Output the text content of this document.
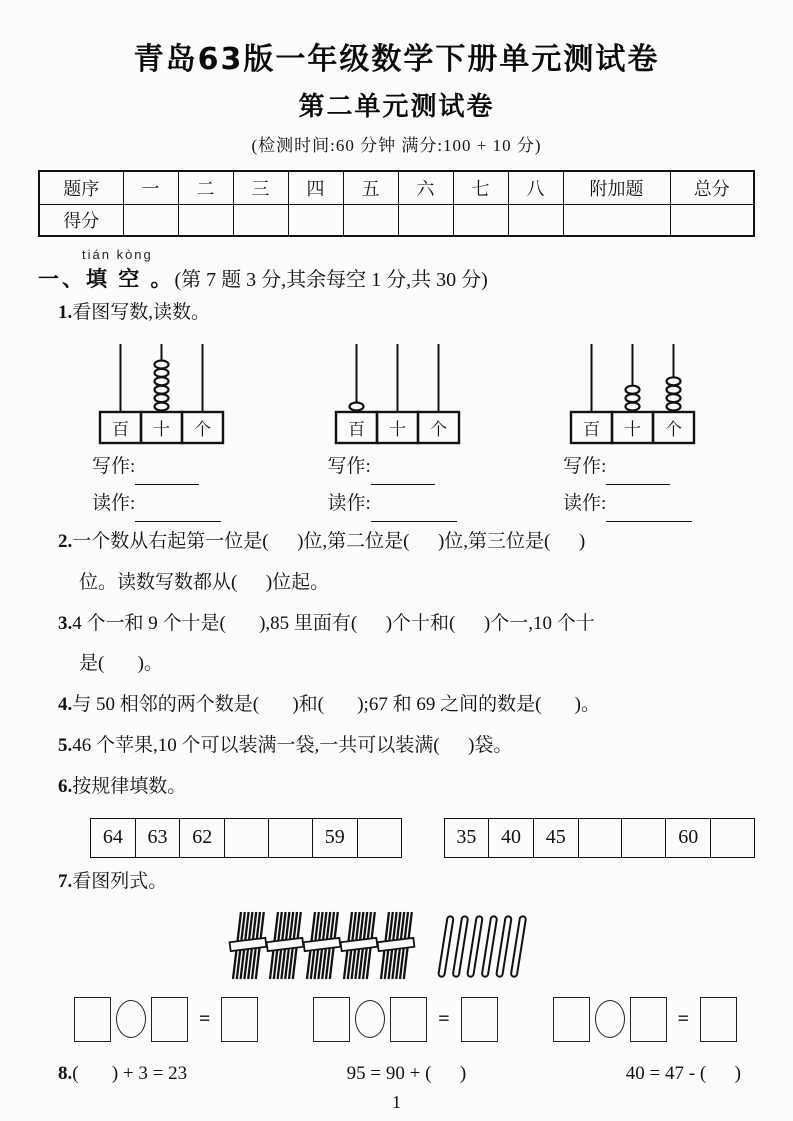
青岛63版一年级数学下册单元测试卷
第二单元测试卷
(检测时间:60 分钟 满分:100 + 10 分)
题序	一	二	三	四	五	六	七	八	附加题	总分
得分										
tián kòng
一、填 空 。(第 7 题 3 分,其余每空 1 分,共 30 分)

1.看图写数,读数。

百 十 个
写作:
读作:
百 十 个
写作:
读作:
百 十 个
写作:
读作:

2.一个数从右起第一位是(      )位,第二位是(      )位,第三位是(      )

位。读数写数都从(      )位起。

3.4 个一和 9 个十是(       ),85 里面有(      )个十和(      )个一,10 个十

是(       )。

4.与 50 相邻的两个数是(       )和(       );67 和 69 之间的数是(       )。

5.46 个苹果,10 个可以装满一袋,一共可以装满(      )袋。

6.按规律填数。

64	63	62			59		35	40	45			60	

7.看图列式。

=	=	=

8. (       ) + 3 = 23	95 = 90 + (      )	40 = 47 - (      )

1
